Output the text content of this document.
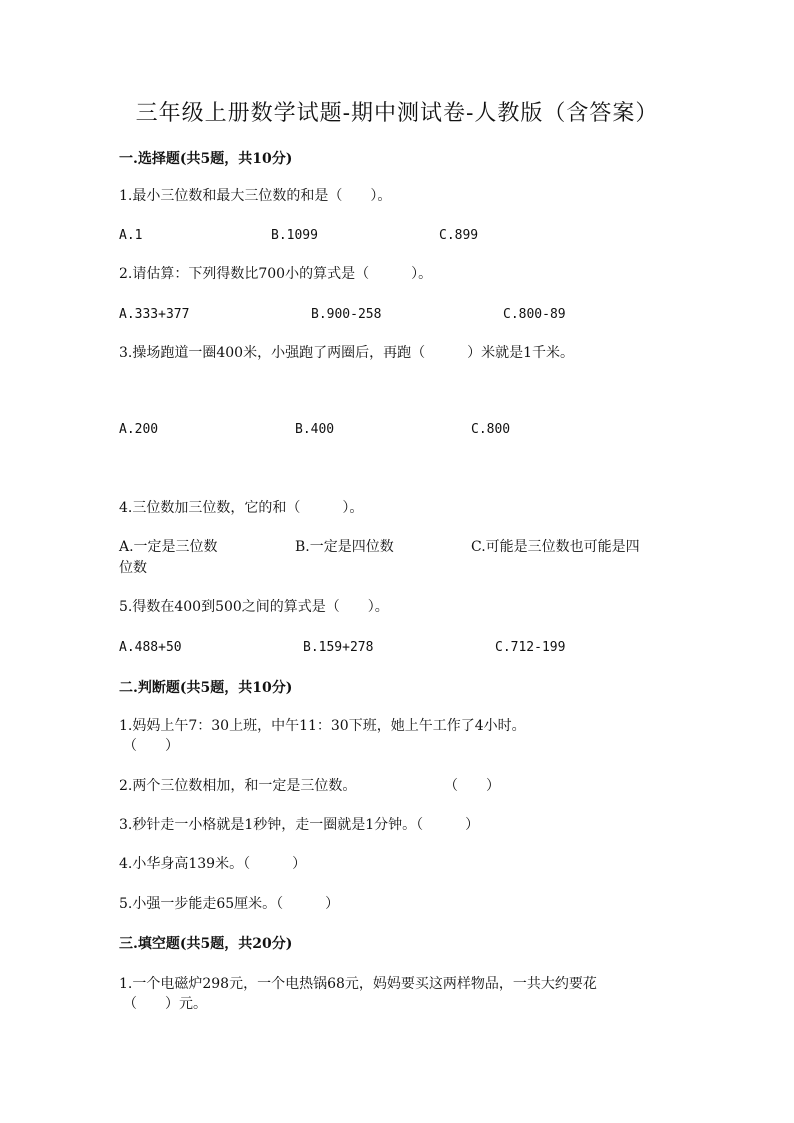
三年级上册数学试题-期中测试卷-人教版（含答案）
一.选择题(共5题，共10分)
1.最小三位数和最大三位数的和是（　　）。
A.1	B.1099	C.899
2.请估算：下列得数比700小的算式是（　　　）。
A.333+377	B.900-258	C.800-89
3.操场跑道一圈400米，小强跑了两圈后，再跑（　　　）米就是1千米。
A.200	B.400	C.800
4.三位数加三位数，它的和（　　　）。
A.一定是三位数	B.一定是四位数	C.可能是三位数也可能是四
位数
5.得数在400到500之间的算式是（　　）。
A.488+50	B.159+278	C.712-199
二.判断题(共5题，共10分)
1.妈妈上午7：30上班，中午11：30下班，她上午工作了4小时。
（　　）
2.两个三位数相加，和一定是三位数。	（　　）
3.秒针走一小格就是1秒钟，走一圈就是1分钟。（　　　）
4.小华身高139米。（　　　）
5.小强一步能走65厘米。（　　　）
三.填空题(共5题，共20分)
1.一个电磁炉298元，一个电热锅68元，妈妈要买这两样物品，一共大约要花
（　　）元。
